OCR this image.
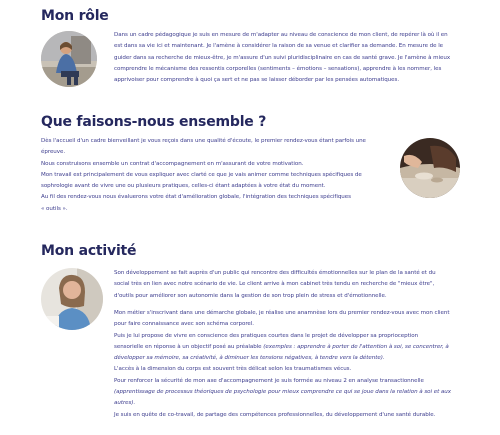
Mon rôle
Dans un cadre pédagogique je suis en mesure de m'adapter au niveau de conscience de mon client, de repérer là où il en
est dans sa vie ici et maintenant. Je l'amène à considérer la raison de sa venue et clarifier sa demande. En mesure de le
guider dans sa recherche de mieux-être, je m'assure d'un suivi pluridisciplinaire en cas de santé grave. Je l'amène à mieux
comprendre le mécanisme des ressentis corporelles (sentiments – émotions – sensations), apprendre à les nommer, les
apprivoiser pour comprendre à quoi ça sert et ne pas se laisser déborder par les pensées automatiques.
Que faisons-nous ensemble ?
Dès l'accueil d'un cadre bienveillant je vous reçois dans une qualité d'écoute, le premier rendez-vous étant parfois une
épreuve.
Nous construisons ensemble un contrat d'accompagnement en m'assurant de votre motivation.
Mon travail est principalement de vous expliquer avec clarté ce que je vais animer comme techniques spécifiques de
sophrologie avant de vivre une ou plusieurs pratiques, celles-ci étant adaptées à votre état du moment.
Au fil des rendez-vous nous évaluerons votre état d'amélioration globale, l'intégration des techniques spécifiques
« outils ».
Mon activité
Son développement se fait auprès d'un public qui rencontre des difficultés émotionnelles sur le plan de la santé et du
social très en lien avec notre scénario de vie. Le client arrive à mon cabinet très tendu en recherche de "mieux être",
d'outils pour améliorer son autonomie dans la gestion de son trop plein de stress et d'émotionnelle.
Mon métier s'inscrivant dans une démarche globale, je réalise une anamnèse lors du premier rendez-vous avec mon client
pour faire connaissance avec son schéma corporel.
Puis je lui propose de vivre en conscience des pratiques courtes dans le projet de développer sa proprioception
sensorielle en réponse à un objectif posé au préalable (exemples : apprendre à porter de l'attention à soi, se concentrer, à
développer sa mémoire, sa créativité, à diminuer les tensions négatives, à tendre vers la détente).
L'accès à la dimension du corps est souvent très délicat selon les traumatismes vécus.
Pour renforcer la sécurité de mon axe d'accompagnement je suis formée au niveau 2 en analyse transactionnelle
(apprentissage de processus théoriques de psychologie pour mieux comprendre ce qui se joue dans la relation à soi et aux
autres).
Je suis en quête de co-travail, de partage des compétences professionnelles, du développement d'une santé durable.
